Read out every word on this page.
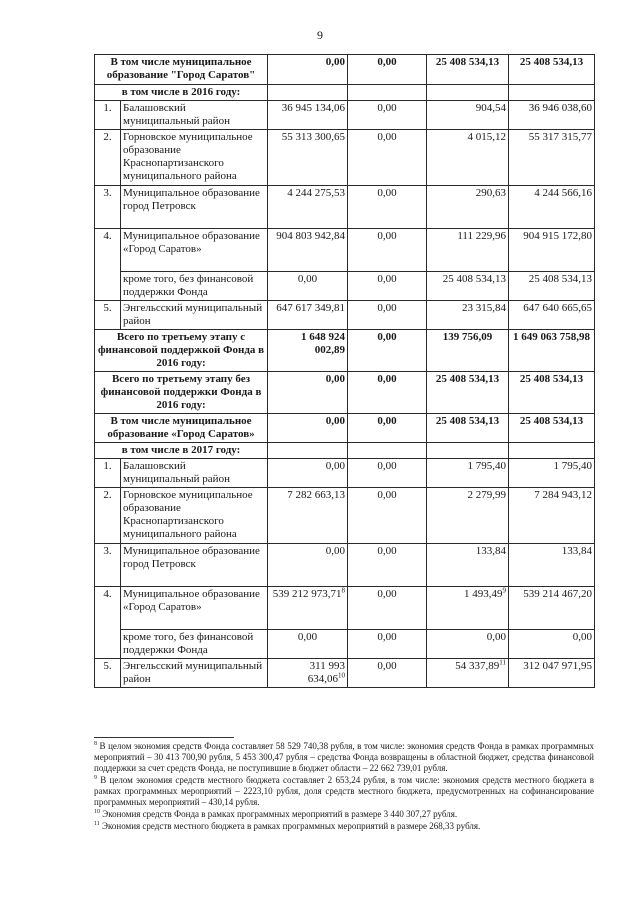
9
В том числе муниципальное образование "Город Саратов"		0,00	0,00	25 408 534,13	25 408 534,13
в том числе в 2016 году:					
1.	Балашовский муниципальный район	36 945 134,06	0,00	904,54	36 946 038,60
2.	Горновское муниципальное образование Краснопартизанского муниципального района	55 313 300,65	0,00	4 015,12	55 317 315,77
3.	Муниципальное образование город Петровск	4 244 275,53	0,00	290,63	4 244 566,16
4.	Муниципальное образование «Город Саратов»	904 803 942,84	0,00	111 229,96	904 915 172,80
	кроме того, без финансовой поддержки Фонда	0,00	0,00	25 408 534,13	25 408 534,13
5.	Энгельсский муниципальный район	647 617 349,81	0,00	23 315,84	647 640 665,65
Всего по третьему этапу с финансовой поддержкой Фонда в 2016 году:		1 648 924 002,89	0,00	139 756,09	1 649 063 758,98
Всего по третьему этапу без финансовой поддержки Фонда в 2016 году:		0,00	0,00	25 408 534,13	25 408 534,13
В том числе муниципальное образование «Город Саратов»		0,00	0,00	25 408 534,13	25 408 534,13
в том числе в 2017 году:					
1.	Балашовский муниципальный район	0,00	0,00	1 795,40	1 795,40
2.	Горновское муниципальное образование Краснопартизанского муниципального района	7 282 663,13	0,00	2 279,99	7 284 943,12
3.	Муниципальное образование город Петровск	0,00	0,00	133,84	133,84
4.	Муниципальное образование «Город Саратов»	539 212 973,71$^8$	0,00	1 493,49$^9$	539 214 467,20
	кроме того, без финансовой поддержки Фонда	0,00	0,00	0,00	0,00
5.	Энгельсский муниципальный район	311 993 634,06$^{10}$	0,00	54 337,89$^{11}$	312 047 971,95
$^8$ В целом экономия средств Фонда составляет 58 529 740,38 рубля, в том числе: экономия средств Фонда в рамках программных мероприятий – 30 413 700,90 рубля, 5 453 300,47 рубля – средства Фонда возвращены в областной бюджет, средства финансовой поддержки за счет средств Фонда, не поступившие в бюджет области – 22 662 739,01 рубля.
$^9$ В целом экономия средств местного бюджета составляет 2 653,24 рубля, в том числе: экономия средств местного бюджета в рамках программных мероприятий – 2223,10 рубля, доля средств местного бюджета, предусмотренных на софинансирование программных мероприятий – 430,14 рубля.
$^{10}$ Экономия средств Фонда в рамках программных мероприятий в размере 3 440 307,27 рубля.
$^{11}$ Экономия средств местного бюджета в рамках программных мероприятий в размере 268,33 рубля.
